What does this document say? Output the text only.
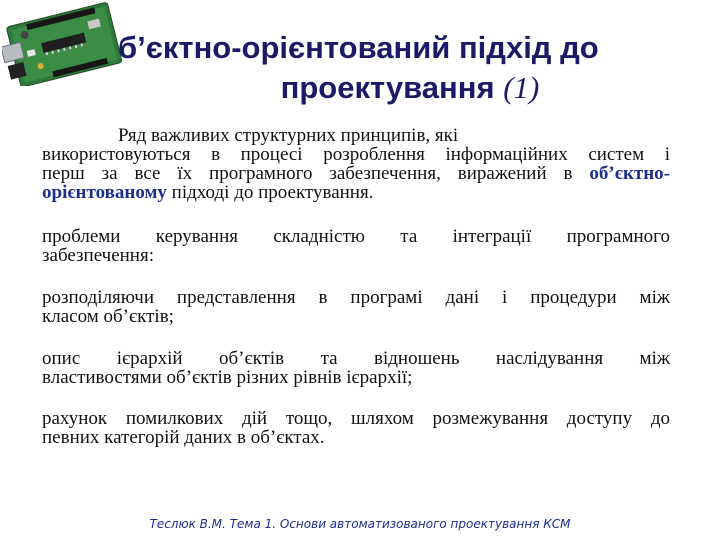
б’єктно-орієнтований підхід до
проектування (1)
Ряд важливих структурних принципів, які
використовуються в процесі розроблення інформаційних систем і
перш за все їх програмного забезпечення, виражений в об’єктно-
орієнтованому підході до проектування.
проблеми керування складністю та інтеграції програмного
забезпечення:
розподіляючи представлення в програмі дані і процедури між
класом об’єктів;
опис ієрархій об’єктів та відношень наслідування між
властивостями об’єктів різних рівнів ієрархії;
рахунок помилкових дій тощо, шляхом розмежування доступу до
певних категорій даних в об’єктах.
Теслюк В.М. Тема 1. Основи автоматизованого проектування КСМ
